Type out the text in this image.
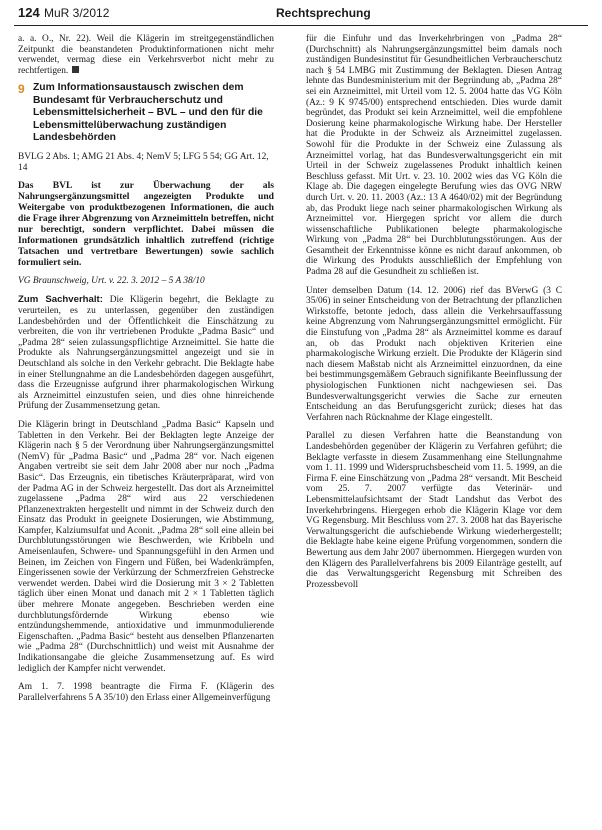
124 MuR 3/2012	Rechtsprechung

a. a. O., Nr. 22). Weil die Klägerin im streitgegenständlichen Zeitpunkt die beanstandeten Produktinformationen nicht mehr verwendet, vermag diese ein Verkehrsverbot nicht mehr zu rechtfertigen.

9 Zum Informationsaustausch zwischen dem Bundesamt für Verbraucherschutz und Lebensmittelsicherheit – BVL – und den für die Lebensmittelüberwachung zuständigen Landesbehörden

BVLG 2 Abs. 1; AMG 21 Abs. 4; NemV 5; LFG 5 54; GG Art. 12, 14

Das BVL ist zur Überwachung der als Nahrungsergänzungsmittel angezeigten Produkte und Weitergabe von produktbezogenen Informationen, die auch die Frage ihrer Abgrenzung von Arzneimitteln betreffen, nicht nur berechtigt, sondern verpflichtet. Dabei müssen die Informationen grundsätzlich inhaltlich zutreffend (richtige Tatsachen und vertretbare Bewertungen) sowie sachlich formuliert sein.

VG Braunschweig, Urt. v. 22. 3. 2012 – 5 A 38/10

Zum Sachverhalt: Die Klägerin begehrt, die Beklagte zu verurteilen, es zu unterlassen, gegenüber den zuständigen Landesbehörden und der Öffentlichkeit die Einschätzung zu verbreiten, die von ihr vertriebenen Produkte „Padma Basic“ und „Padma 28“ seien zulassungspflichtige Arzneimittel. Sie hatte die Produkte als Nahrungsergänzungsmittel angezeigt und sie in Deutschland als solche in den Verkehr gebracht. Die Beklagte habe in einer Stellungnahme an die Landesbehörden dagegen ausgeführt, dass die Erzeugnisse aufgrund ihrer pharmakologischen Wirkung als Arzneimittel einzustufen seien, und dies ohne hinreichende Prüfung der Zusammensetzung getan.

Die Klägerin bringt in Deutschland „Padma Basic“ Kapseln und Tabletten in den Verkehr. Bei der Beklagten legte Anzeige der Klägerin nach § 5 der Verordnung über Nahrungsergänzungsmittel (NemV) für „Padma Basic“ und „Padma 28“ vor. Nach eigenen Angaben vertreibt sie seit dem Jahr 2008 aber nur noch „Padma Basic“. Das Erzeugnis, ein tibetisches Kräuterpräparat, wird von der Padma AG in der Schweiz hergestellt. Das dort als Arzneimittel zugelassene „Padma 28“ wird aus 22 verschiedenen Pflanzenextrakten hergestellt und nimmt in der Schweiz durch den Einsatz das Produkt in geeignete Dosierungen, wie Abstimmung, Kampfer, Kalziumsulfat und Aconit. „Padma 28“ soll eine allein bei Durchblutungsstörungen wie Beschwerden, wie Kribbeln und Ameisenlaufen, Schwere- und Spannungsgefühl in den Armen und Beinen, im Zeichen von Fingern und Füßen, bei Wadenkrämpfen, Eingerissenen sowie der Verkürzung der Schmerzfreien Gehstrecke verwendet werden. Dabei wird die Dosierung mit 3 × 2 Tabletten täglich über einen Monat und danach mit 2 × 1 Tabletten täglich über mehrere Monate angegeben. Beschrieben werden eine durchblutungsfördernde Wirkung ebenso wie entzündungshemmende, antioxidative und immunmodulierende Eigenschaften. „Padma Basic“ besteht aus denselben Pflanzenarten wie „Padma 28“ (Durchschnittlich) und weist mit Ausnahme der Indikationsangabe die gleiche Zusammensetzung auf. Es wird lediglich der Kampfer nicht verwendet.

Am 1. 7. 1998 beantragte die Firma F. (Klägerin des Parallelverfahrens 5 A 35/10) den Erlass einer Allgemeinverfügung

für die Einfuhr und das Inverkehrbringen von „Padma 28“ (Durchschnitt) als Nahrungsergänzungsmittel beim damals noch zuständigen Bundesinstitut für Gesundheitlichen Verbraucherschutz nach § 54 LMBG mit Zustimmung der Beklagten. Diesen Antrag lehnte das Bundesministerium mit der Begründung ab, „Padma 28“ sei ein Arzneimittel, mit Urteil vom 12. 5. 2004 hatte das VG Köln (Az.: 9 K 9745/00) entsprechend entschieden. Dies wurde damit begründet, das Produkt sei kein Arzneimittel, weil die empfohlene Dosierung keine pharmakologische Wirkung habe. Der Hersteller hat die Produkte in der Schweiz als Arzneimittel zugelassen. Sowohl für die Produkte in der Schweiz eine Zulassung als Arzneimittel vorlag, hat das Bundesverwaltungsgericht ein mit Urteil in der Schweiz zugelassenes Produkt inhaltlich keinen Beschluss gefasst. Mit Urt. v. 23. 10. 2002 wies das VG Köln die Klage ab. Die dagegen eingelegte Berufung wies das OVG NRW durch Urt. v. 20. 11. 2003 (Az.: 13 A 4640/02) mit der Begründung ab, das Produkt liege nach seiner pharmakologischen Wirkung als Arzneimittel vor. Hiergegen spricht vor allem die durch wissenschaftliche Publikationen belegte pharmakologische Wirkung von „Padma 28“ bei Durchblutungsstörungen. Aus der Gesamtheit der Erkenntnisse könne es nicht darauf ankommen, ob die Wirkung des Produkts ausschließlich der Empfehlung von Padma 28 auf die Gesundheit zu schließen ist.

Unter demselben Datum (14. 12. 2006) rief das BVerwG (3 C 35/06) in seiner Entscheidung von der Betrachtung der pflanzlichen Wirkstoffe, betonte jedoch, dass allein die Verkehrsauffassung keine Abgrenzung vom Nahrungsergänzungsmittel ermöglicht. Für die Einstufung von „Padma 28“ als Arzneimittel komme es darauf an, ob das Produkt nach objektiven Kriterien eine pharmakologische Wirkung erzielt. Die Produkte der Klägerin sind nach diesem Maßstab nicht als Arzneimittel einzuordnen, da eine bei bestimmungsgemäßem Gebrauch signifikante Beeinflussung der physiologischen Funktionen nicht nachgewiesen sei. Das Bundesverwaltungsgericht verwies die Sache zur erneuten Entscheidung an das Berufungsgericht zurück; dieses hat das Verfahren nach Rücknahme der Klage eingestellt.

Parallel zu diesen Verfahren hatte die Beanstandung von Landesbehörden gegenüber der Klägerin zu Verfahren geführt; die Beklagte verfasste in diesem Zusammenhang eine Stellungnahme vom 1. 11. 1999 und Widerspruchsbescheid vom 11. 5. 1999, an die Firma F. eine Einschätzung von „Padma 28“ versandt. Mit Bescheid vom 25. 7. 2007 verfügte das Veterinär- und Lebensmittelaufsichtsamt der Stadt Landshut das Verbot des Inverkehrbringens. Hiergegen erhob die Klägerin Klage vor dem VG Regensburg. Mit Beschluss vom 27. 3. 2008 hat das Bayerische Verwaltungsgericht die aufschiebende Wirkung wiederhergestellt; die Beklagte habe keine eigene Prüfung vorgenommen, sondern die Bewertung aus dem Jahr 2007 übernommen. Hiergegen wurden von den Klägern des Parallelverfahrens bis 2009 Eilanträge gestellt, auf die das Verwaltungsgericht Regensburg mit Schreiben des Prozessbevoll
